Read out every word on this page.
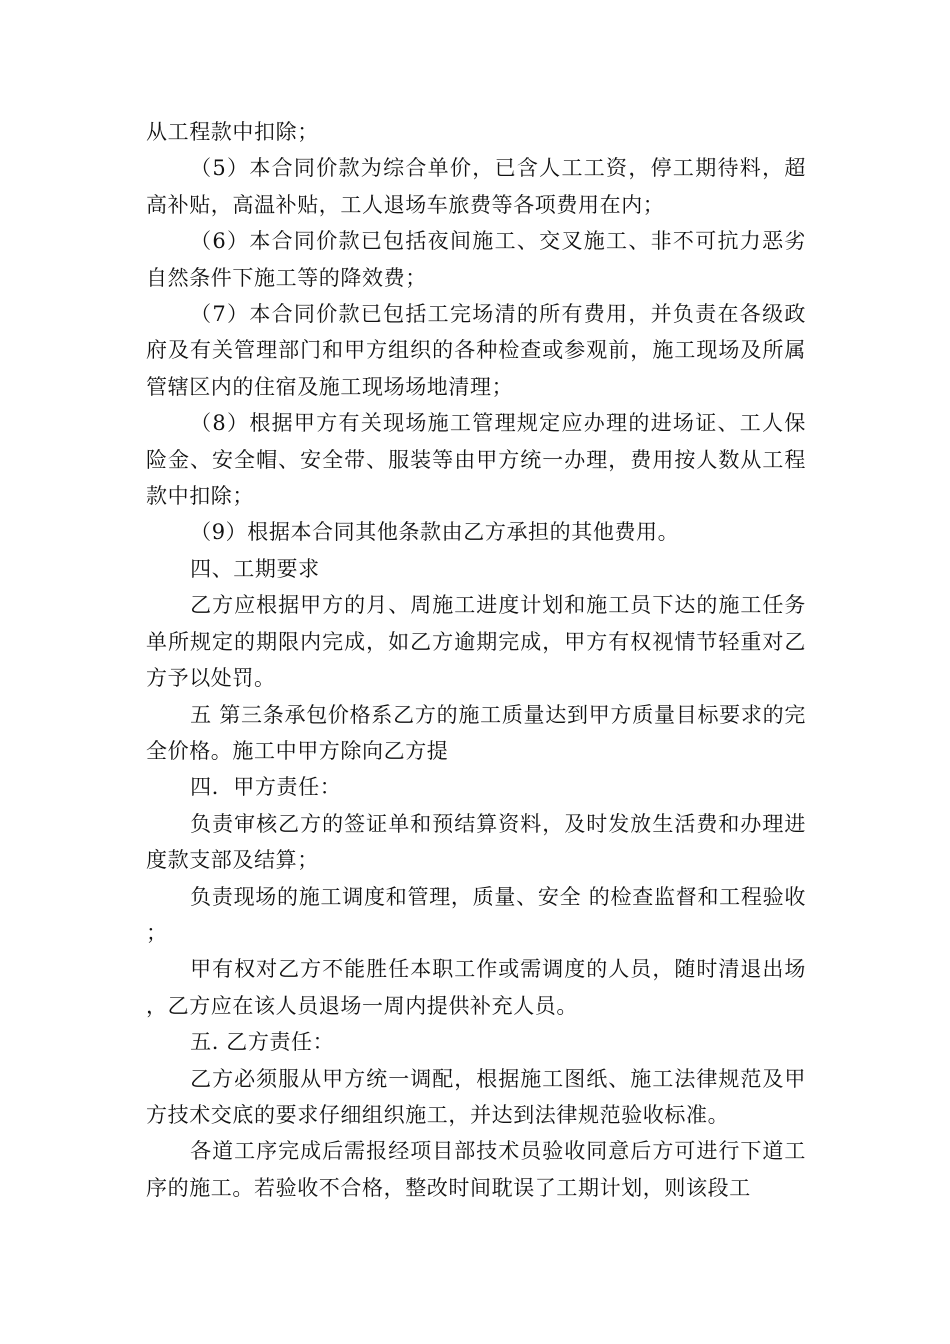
从工程款中扣除；

（5）本合同价款为综合单价，已含人工工资，停工期待料，超高补贴，高温补贴，工人退场车旅费等各项费用在内；

（6）本合同价款已包括夜间施工、交叉施工、非不可抗力恶劣自然条件下施工等的降效费；

（7）本合同价款已包括工完场清的所有费用，并负责在各级政府及有关管理部门和甲方组织的各种检查或参观前，施工现场及所属管辖区内的住宿及施工现场场地清理；

（8）根据甲方有关现场施工管理规定应办理的进场证、工人保险金、安全帽、安全带、服装等由甲方统一办理，费用按人数从工程款中扣除；

（9）根据本合同其他条款由乙方承担的其他费用。

四、工期要求

乙方应根据甲方的月、周施工进度计划和施工员下达的施工任务单所规定的期限内完成，如乙方逾期完成，甲方有权视情节轻重对乙方予以处罚。

五 第三条承包价格系乙方的施工质量达到甲方质量目标要求的完全价格。施工中甲方除向乙方提

四．甲方责任：

负责审核乙方的签证单和预结算资料，及时发放生活费和办理进度款支部及结算；

负责现场的施工调度和管理，质量、安全 的检查监督和工程验收；

甲有权对乙方不能胜任本职工作或需调度的人员，随时清退出场，乙方应在该人员退场一周内提供补充人员。

五. 乙方责任：

乙方必须服从甲方统一调配，根据施工图纸、施工法律规范及甲方技术交底的要求仔细组织施工，并达到法律规范验收标准。

各道工序完成后需报经项目部技术员验收同意后方可进行下道工序的施工。若验收不合格，整改时间耽误了工期计划，则该段工
